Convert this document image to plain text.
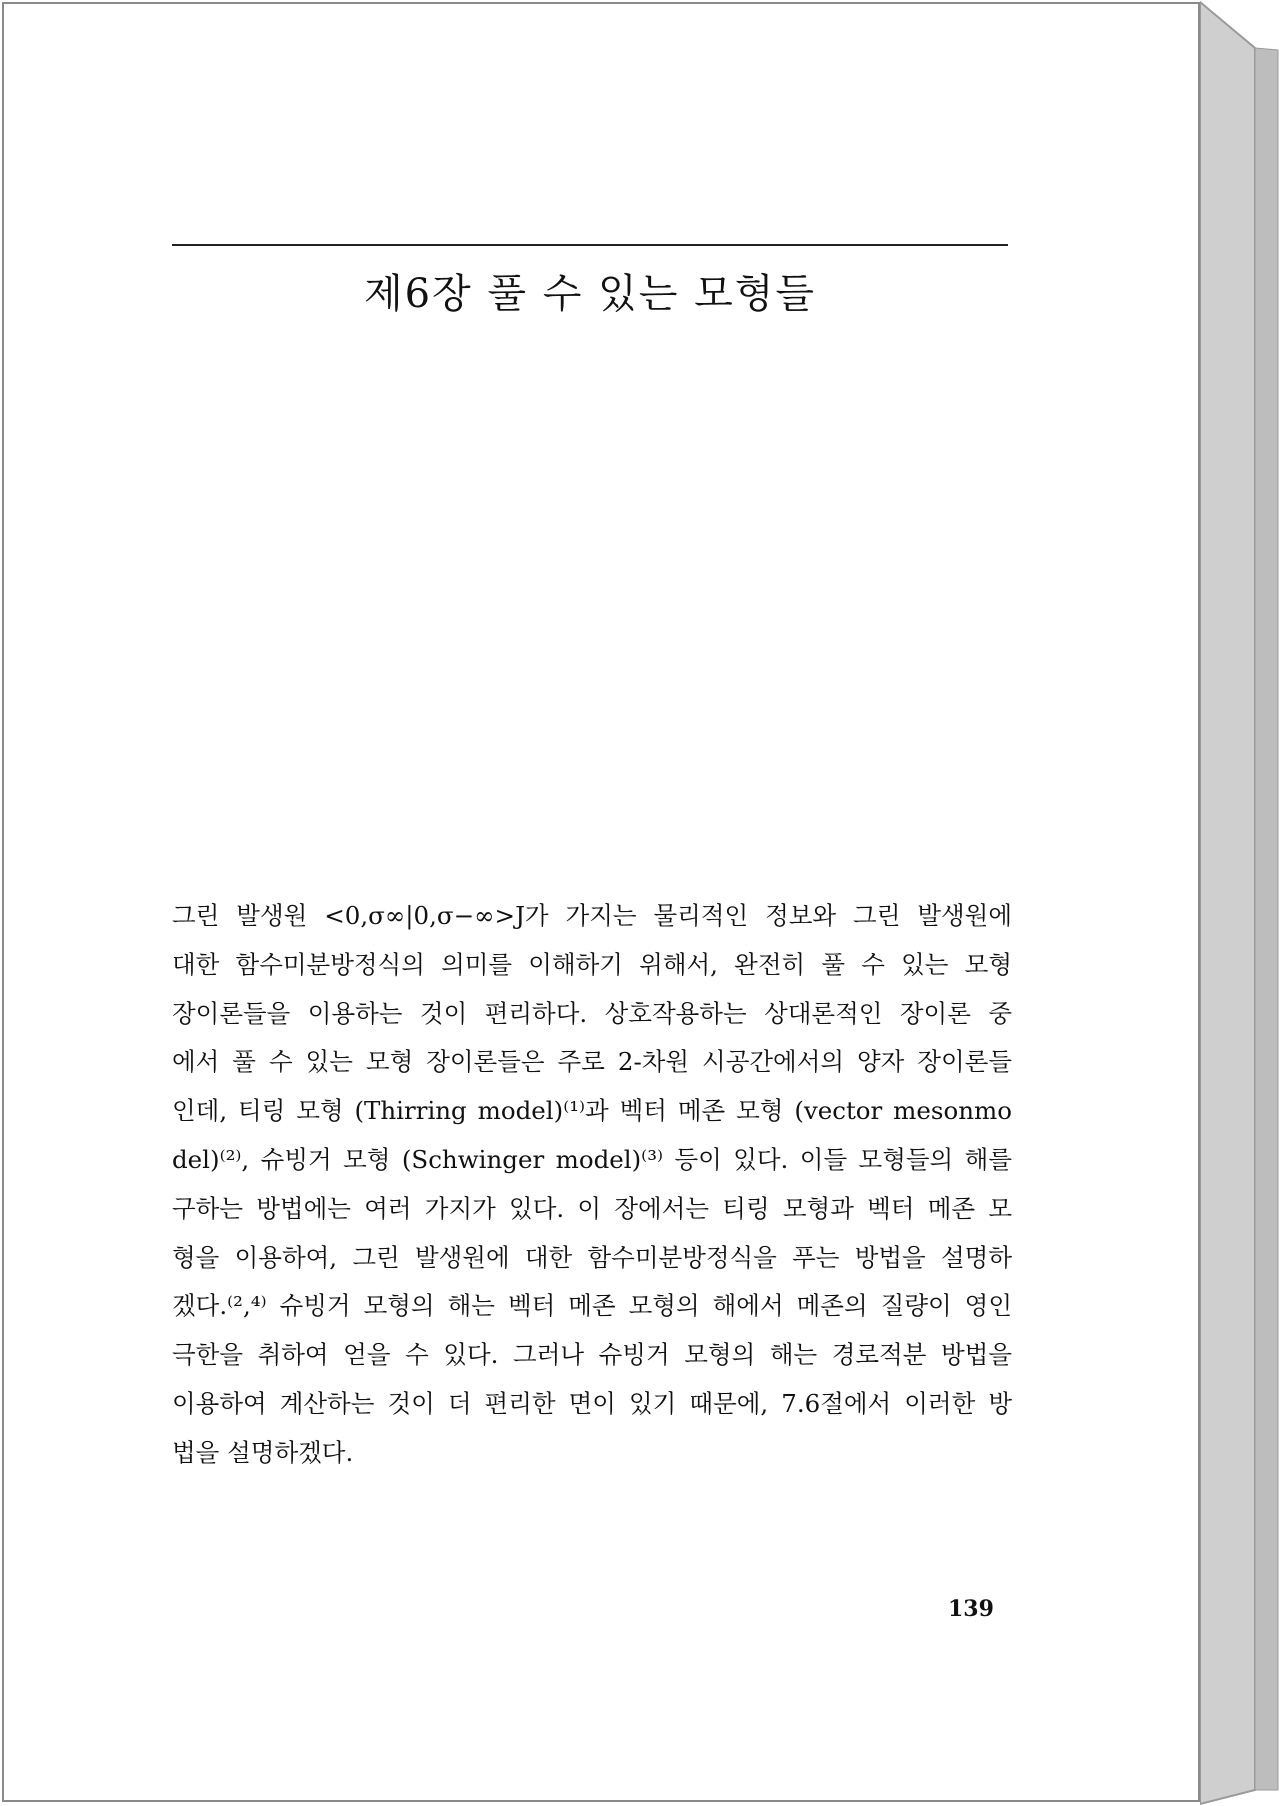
제6장 풀 수 있는 모형들
그린 발생원 <0,σ∞|0,σ−∞>J가 가지는 물리적인 정보와 그린 발생원에
대한 함수미분방정식의 의미를 이해하기 위해서, 완전히 풀 수 있는 모형
장이론들을 이용하는 것이 편리하다. 상호작용하는 상대론적인 장이론 중
에서 풀 수 있는 모형 장이론들은 주로 2-차원 시공간에서의 양자 장이론들
인데, 티링 모형 (Thirring model)⁽¹⁾과 벡터 메존 모형 (vector mesonmo
del)⁽²⁾, 슈빙거 모형 (Schwinger model)⁽³⁾ 등이 있다. 이들 모형들의 해를
구하는 방법에는 여러 가지가 있다. 이 장에서는 티링 모형과 벡터 메존 모
형을 이용하여, 그린 발생원에 대한 함수미분방정식을 푸는 방법을 설명하
겠다.⁽²,⁴⁾ 슈빙거 모형의 해는 벡터 메존 모형의 해에서 메존의 질량이 영인
극한을 취하여 얻을 수 있다. 그러나 슈빙거 모형의 해는 경로적분 방법을
이용하여 계산하는 것이 더 편리한 면이 있기 때문에, 7.6절에서 이러한 방
법을 설명하겠다.
139
